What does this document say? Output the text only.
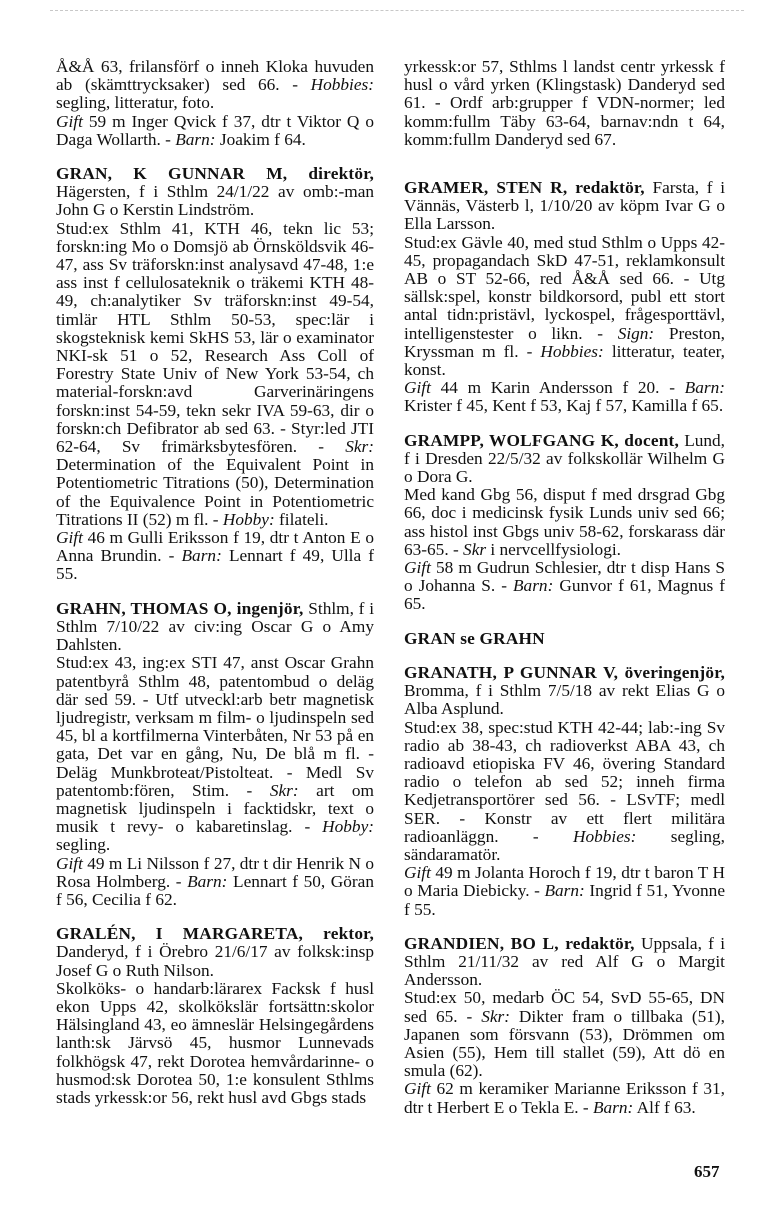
Å&Å 63, frilansförf o inneh Kloka huvuden ab (skämttrycksaker) sed 66. - Hobbies: segling, litteratur, foto.

Gift 59 m Inger Qvick f 37, dtr t Viktor Q o Daga Wollarth. - Barn: Joakim f 64.

GRAN, K GUNNAR M, direktör, Hägersten, f i Sthlm 24/1/22 av omb:-man John G o Kerstin Lindström.

Stud:ex Sthlm 41, KTH 46, tekn lic 53; forskn:ing Mo o Domsjö ab Örnsköldsvik 46-47, ass Sv träforskn:inst analysavd 47-48, 1:e ass inst f cellulosateknik o träkemi KTH 48-49, ch:analytiker Sv träforskn:inst 49-54, timlär HTL Sthlm 50-53, spec:lär i skogsteknisk kemi SkHS 53, lär o examinator NKI-sk 51 o 52, Research Ass Coll of Forestry State Univ of New York 53-54, ch material-forskn:avd Garverinäringens forskn:inst 54-59, tekn sekr IVA 59-63, dir o forskn:ch Defibrator ab sed 63. - Styr:led JTI 62-64, Sv frimärksbytesfören. - Skr: Determination of the Equivalent Point in Potentiometric Titrations (50), Determination of the Equivalence Point in Potentiometric Titrations II (52) m fl. - Hobby: filateli.

Gift 46 m Gulli Eriksson f 19, dtr t Anton E o Anna Brundin. - Barn: Lennart f 49, Ulla f 55.

GRAHN, THOMAS O, ingenjör, Sthlm, f i Sthlm 7/10/22 av civ:ing Oscar G o Amy Dahlsten.

Stud:ex 43, ing:ex STI 47, anst Oscar Grahn patentbyrå Sthlm 48, patentombud o deläg där sed 59. - Utf utveckl:arb betr magnetisk ljudregistr, verksam m film- o ljudinspeln sed 45, bl a kortfilmerna Vinterbåten, Nr 53 på en gata, Det var en gång, Nu, De blå m fl. - Deläg Munkbroteat/Pistolteat. - Medl Sv patentomb:fören, Stim. - Skr: art om magnetisk ljudinspeln i facktidskr, text o musik t revy- o kabaretinslag. - Hobby: segling.

Gift 49 m Li Nilsson f 27, dtr t dir Henrik N o Rosa Holmberg. - Barn: Lennart f 50, Göran f 56, Cecilia f 62.

GRALÉN, I MARGARETA, rektor, Danderyd, f i Örebro 21/6/17 av folksk:insp Josef G o Ruth Nilson.

Skolköks- o handarb:lärarex Facksk f husl ekon Upps 42, skolkökslär fortsättn:skolor Hälsingland 43, eo ämneslär Helsingegårdens lanth:sk Järvsö 45, husmor Lunnevads folkhögsk 47, rekt Dorotea hemvårdarinne- o husmod:sk Dorotea 50, 1:e konsulent Sthlms stads yrkessk:or 56, rekt husl avd Gbgs stads

yrkessk:or 57, Sthlms l landst centr yrkessk f husl o vård yrken (Klingstask) Danderyd sed 61. - Ordf arb:grupper f VDN-normer; led komm:fullm Täby 63-64, barnav:ndn t 64, komm:fullm Danderyd sed 67.

GRAMER, STEN R, redaktör, Farsta, f i Vännäs, Västerb l, 1/10/20 av köpm Ivar G o Ella Larsson.

Stud:ex Gävle 40, med stud Sthlm o Upps 42-45, propagandach SkD 47-51, reklamkonsult AB o ST 52-66, red Å&Å sed 66. - Utg sällsk:spel, konstr bildkorsord, publ ett stort antal tidn:pristävl, lyckospel, frågesporttävl, intelligenstester o likn. - Sign: Preston, Kryssman m fl. - Hobbies: litteratur, teater, konst.

Gift 44 m Karin Andersson f 20. - Barn: Krister f 45, Kent f 53, Kaj f 57, Kamilla f 65.

GRAMPP, WOLFGANG K, docent, Lund, f i Dresden 22/5/32 av folkskollär Wilhelm G o Dora G.

Med kand Gbg 56, disput f med drsgrad Gbg 66, doc i medicinsk fysik Lunds univ sed 66; ass histol inst Gbgs univ 58-62, forskarass där 63-65. - Skr i nervcellfysiologi.

Gift 58 m Gudrun Schlesier, dtr t disp Hans S o Johanna S. - Barn: Gunvor f 61, Magnus f 65.

GRAN se GRAHN

GRANATH, P GUNNAR V, överingenjör, Bromma, f i Sthlm 7/5/18 av rekt Elias G o Alba Asplund.

Stud:ex 38, spec:stud KTH 42-44; lab:-ing Sv radio ab 38-43, ch radioverkst ABA 43, ch radioavd etiopiska FV 46, övering Standard radio o telefon ab sed 52; inneh firma Kedjetransportörer sed 56. - LSvTF; medl SER. - Konstr av ett flert militära radioanläggn. - Hobbies: segling, sändaramatör.

Gift 49 m Jolanta Horoch f 19, dtr t baron T H o Maria Diebicky. - Barn: Ingrid f 51, Yvonne f 55.

GRANDIEN, BO L, redaktör, Uppsala, f i Sthlm 21/11/32 av red Alf G o Margit Andersson.

Stud:ex 50, medarb ÖC 54, SvD 55-65, DN sed 65. - Skr: Dikter fram o tillbaka (51), Japanen som försvann (53), Drömmen om Asien (55), Hem till stallet (59), Att dö en smula (62).

Gift 62 m keramiker Marianne Eriksson f 31, dtr t Herbert E o Tekla E. - Barn: Alf f 63.

657
